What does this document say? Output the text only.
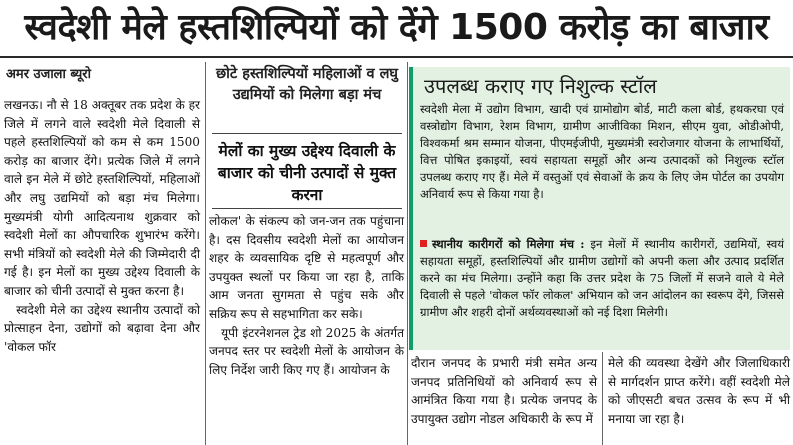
स्वदेशी मेले हस्तशिल्पियों को देंगे 1500 करोड़ का बाजार
अमर उजाला ब्यूरो

लखनऊ। नौ से 18 अक्तूबर तक प्रदेश के हर जिले में लगने वाले स्वदेशी मेले दिवाली से पहले हस्तशिल्पियों को कम से कम 1500 करोड़ का बाजार देंगे। प्रत्येक जिले में लगने वाले इन मेले में छोटे हस्तशिल्पियों, महिलाओं और लघु उद्यमियों को बड़ा मंच मिलेगा। मुख्यमंत्री योगी आदित्यनाथ शुक्रवार को स्वदेशी मेलों का औपचारिक शुभारंभ करेंगे। सभी मंत्रियों को स्वदेशी मेले की जिम्मेदारी दी गई है। इन मेलों का मुख्य उद्देश्य दिवाली के बाजार को चीनी उत्पादों से मुक्त करना है।

स्वदेशी मेले का उद्देश्य स्थानीय उत्पादों को प्रोत्साहन देना, उद्योगों को बढ़ावा देना और 'वोकल फॉर

छोटे हस्तशिल्पियों महिलाओं व लघु उद्यमियों को मिलेगा बड़ा मंच
मेलों का मुख्य उद्देश्य दिवाली के बाजार को चीनी उत्पादों से मुक्त करना

लोकल' के संकल्प को जन-जन तक पहुंचाना है। दस दिवसीय स्वदेशी मेलों का आयोजन शहर के व्यवसायिक दृष्टि से महत्वपूर्ण और उपयुक्त स्थलों पर किया जा रहा है, ताकि आम जनता सुगमता से पहुंच सके और सक्रिय रूप से सहभागिता कर सके।

यूपी इंटरनेशनल ट्रेड शो 2025 के अंतर्गत जनपद स्तर पर स्वदेशी मेलों के आयोजन के लिए निर्देश जारी किए गए हैं। आयोजन के

उपलब्ध कराए गए निशुल्क स्टॉल

स्वदेशी मेला में उद्योग विभाग, खादी एवं ग्रामोद्योग बोर्ड, माटी कला बोर्ड, हथकरघा एवं वस्त्रोद्योग विभाग, रेशम विभाग, ग्रामीण आजीविका मिशन, सीएम युवा, ओडीओपी, विश्वकर्मा श्रम सम्मान योजना, पीएमईजीपी, मुख्यमंत्री स्वरोजगार योजना के लाभार्थियों, वित्त पोषित इकाइयों, स्वयं सहायता समूहों और अन्य उत्पादकों को निशुल्क स्टॉल उपलब्ध कराए गए हैं। मेले में वस्तुओं एवं सेवाओं के क्रय के लिए जेम पोर्टल का उपयोग अनिवार्य रूप से किया गया है।

स्थानीय कारीगरों को मिलेगा मंच : इन मेलों में स्थानीय कारीगरों, उद्यमियों, स्वयं सहायता समूहों, हस्तशिल्पियों और ग्रामीण उद्योगों को अपनी कला और उत्पाद प्रदर्शित करने का मंच मिलेगा। उन्होंने कहा कि उत्तर प्रदेश के 75 जिलों में सजने वाले ये मेले दिवाली से पहले 'वोकल फॉर लोकल' अभियान को जन आंदोलन का स्वरूप देंगे, जिससे ग्रामीण और शहरी दोनों अर्थव्यवस्थाओं को नई दिशा मिलेगी।

दौरान जनपद के प्रभारी मंत्री समेत अन्य जनपद प्रतिनिधियों को अनिवार्य रूप से आमंत्रित किया गया है। प्रत्येक जनपद के उपायुक्त उद्योग नोडल अधिकारी के रूप में

मेले की व्यवस्था देखेंगे और जिलाधिकारी से मार्गदर्शन प्राप्त करेंगे। वहीं स्वदेशी मेले को जीएसटी बचत उत्सव के रूप में भी मनाया जा रहा है।
